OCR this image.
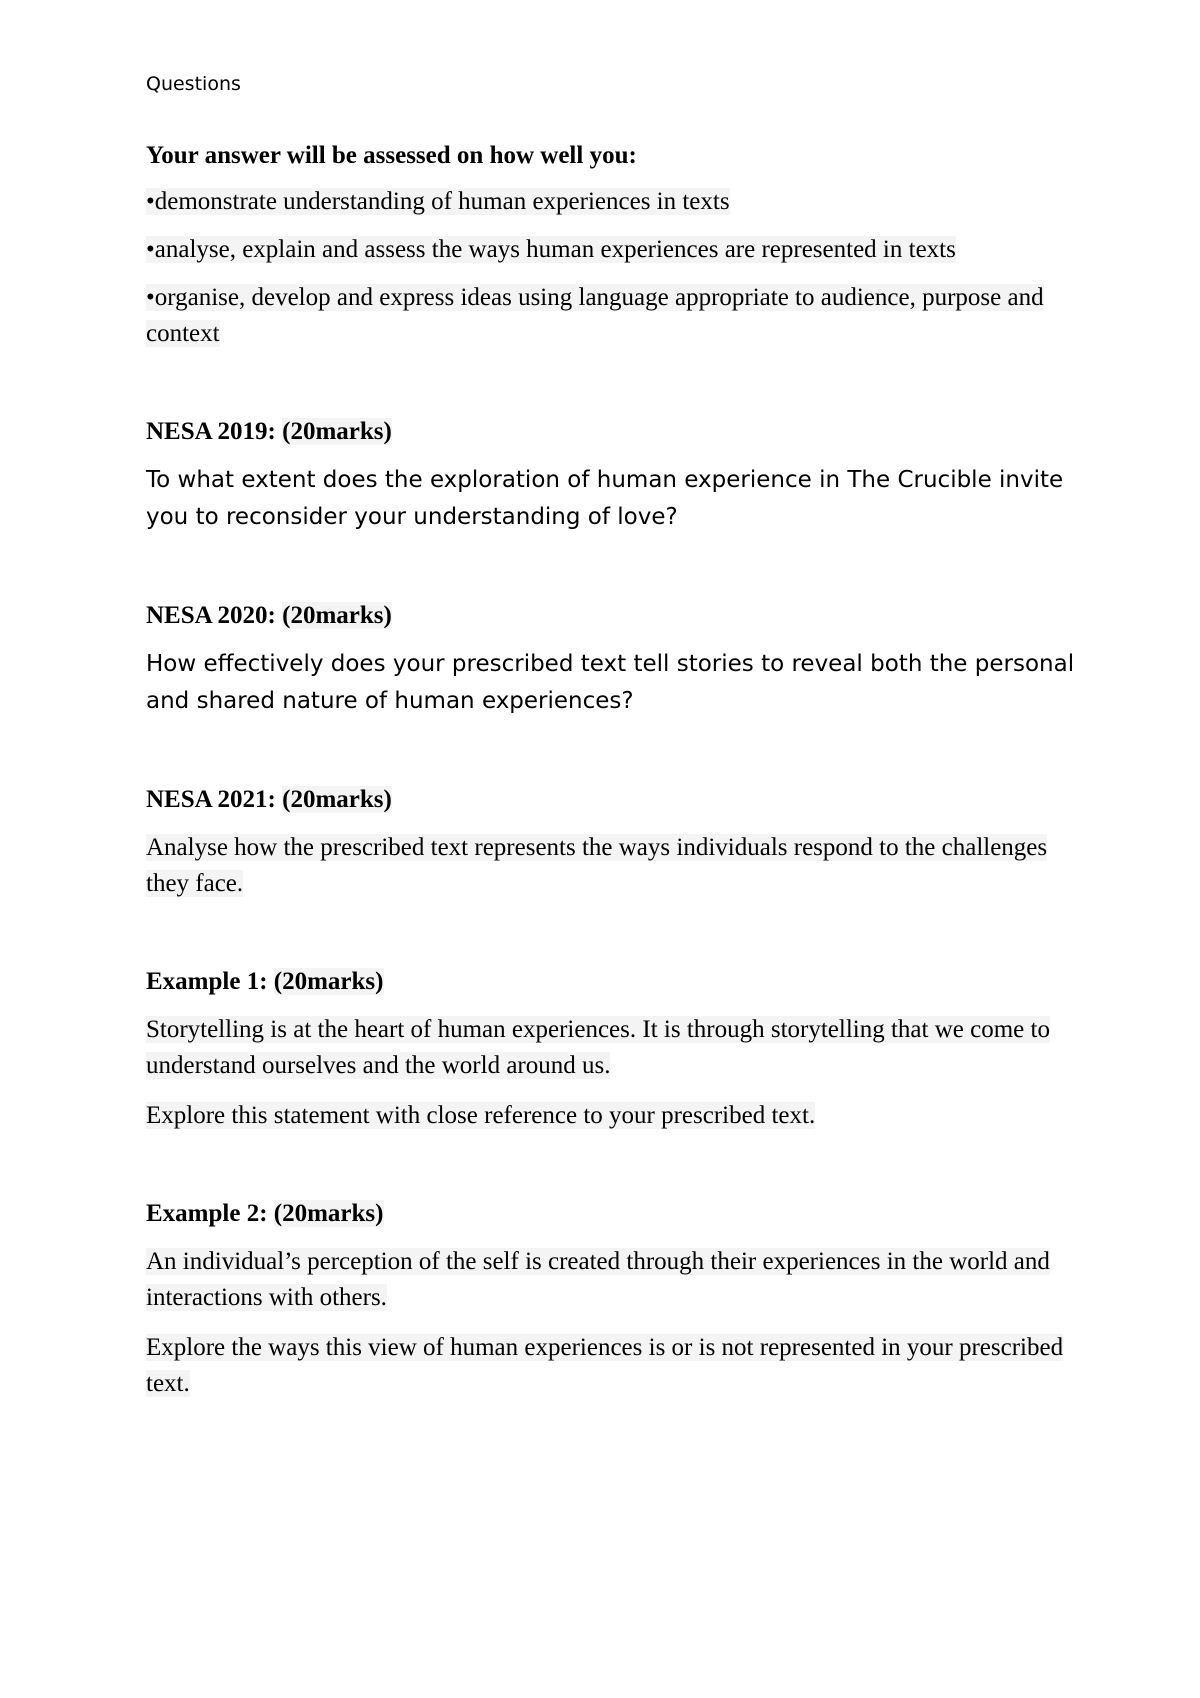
Questions

Your answer will be assessed on how well you:

•demonstrate understanding of human experiences in texts

•analyse, explain and assess the ways human experiences are represented in texts

•organise, develop and express ideas using language appropriate to audience, purpose and context

NESA 2019: (20marks)

To what extent does the exploration of human experience in The Crucible invite you to reconsider your understanding of love?

NESA 2020: (20marks)

How effectively does your prescribed text tell stories to reveal both the personal and shared nature of human experiences?

NESA 2021: (20marks)

Analyse how the prescribed text represents the ways individuals respond to the challenges they face.

Example 1: (20marks)

Storytelling is at the heart of human experiences. It is through storytelling that we come to understand ourselves and the world around us.

Explore this statement with close reference to your prescribed text.

Example 2: (20marks)

An individual’s perception of the self is created through their experiences in the world and interactions with others.

Explore the ways this view of human experiences is or is not represented in your prescribed text.
